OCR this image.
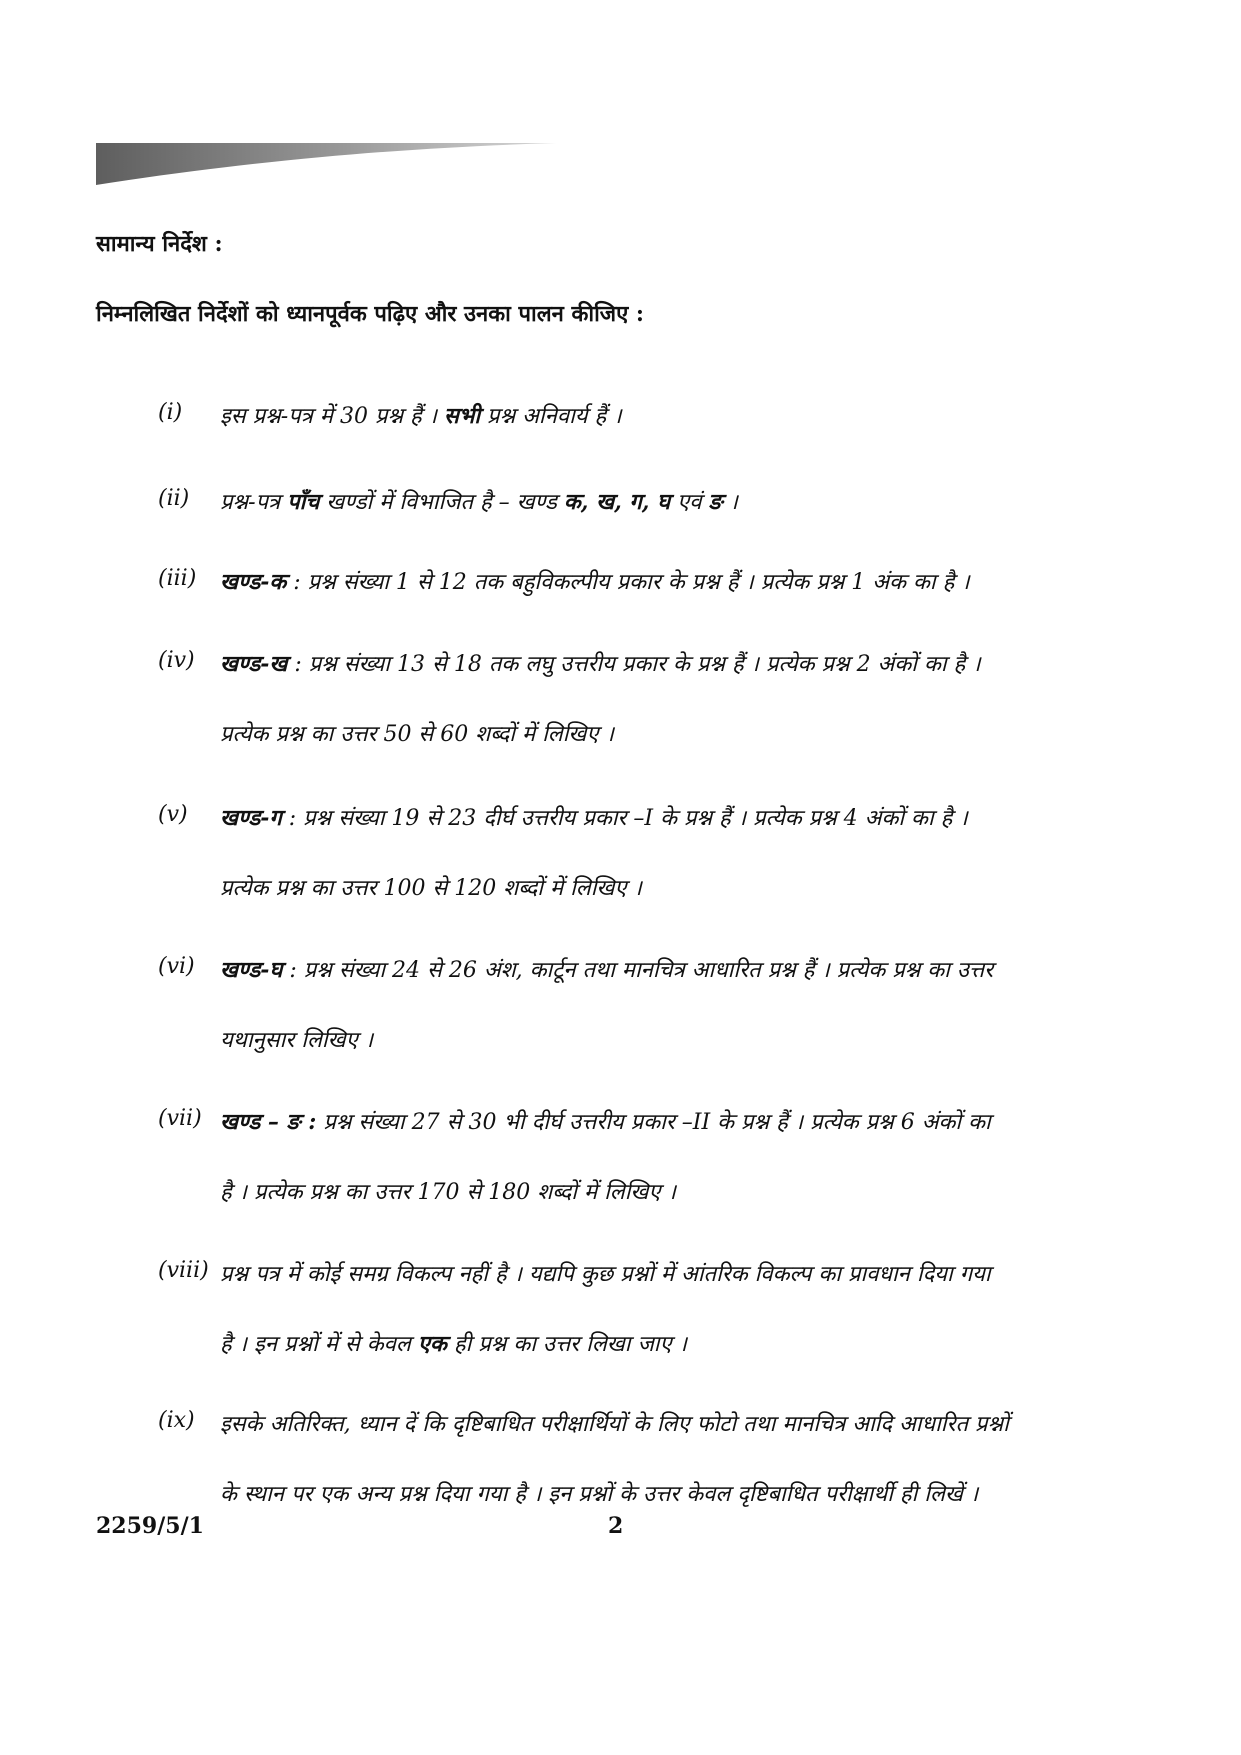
सामान्य निर्देश :
निम्नलिखित निर्देशों को ध्यानपूर्वक पढ़िए और उनका पालन कीजिए :
(i) इस प्रश्न-पत्र में 30 प्रश्न हैं । सभी प्रश्न अनिवार्य हैं ।
(ii) प्रश्न-पत्र पाँच खण्डों में विभाजित है – खण्ड क, ख, ग, घ एवं ङ ।
(iii) खण्ड-क : प्रश्न संख्या 1 से 12 तक बहुविकल्पीय प्रकार के प्रश्न हैं । प्रत्येक प्रश्न 1 अंक का है ।
(iv) खण्ड-ख : प्रश्न संख्या 13 से 18 तक लघु उत्तरीय प्रकार के प्रश्न हैं । प्रत्येक प्रश्न 2 अंकों का है ।
प्रत्येक प्रश्न का उत्तर 50 से 60 शब्दों में लिखिए ।
(v) खण्ड-ग : प्रश्न संख्या 19 से 23 दीर्घ उत्तरीय प्रकार –I के प्रश्न हैं । प्रत्येक प्रश्न 4 अंकों का है ।
प्रत्येक प्रश्न का उत्तर 100 से 120 शब्दों में लिखिए ।
(vi) खण्ड-घ : प्रश्न संख्या 24 से 26 अंश, कार्टून तथा मानचित्र आधारित प्रश्न हैं । प्रत्येक प्रश्न का उत्तर
यथानुसार लिखिए ।
(vii) खण्ड – ङ : प्रश्न संख्या 27 से 30 भी दीर्घ उत्तरीय प्रकार –II के प्रश्न हैं । प्रत्येक प्रश्न 6 अंकों का
है । प्रत्येक प्रश्न का उत्तर 170 से 180 शब्दों में लिखिए ।
(viii) प्रश्न पत्र में कोई समग्र विकल्प नहीं है । यद्यपि कुछ प्रश्नों में आंतरिक विकल्प का प्रावधान दिया गया
है । इन प्रश्नों में से केवल एक ही प्रश्न का उत्तर लिखा जाए ।
(ix) इसके अतिरिक्त, ध्यान दें कि दृष्टिबाधित परीक्षार्थियों के लिए फोटो तथा मानचित्र आदि आधारित प्रश्नों
के स्थान पर एक अन्य प्रश्न दिया गया है । इन प्रश्नों के उत्तर केवल दृष्टिबाधित परीक्षार्थी ही लिखें ।
2259/5/1	2
